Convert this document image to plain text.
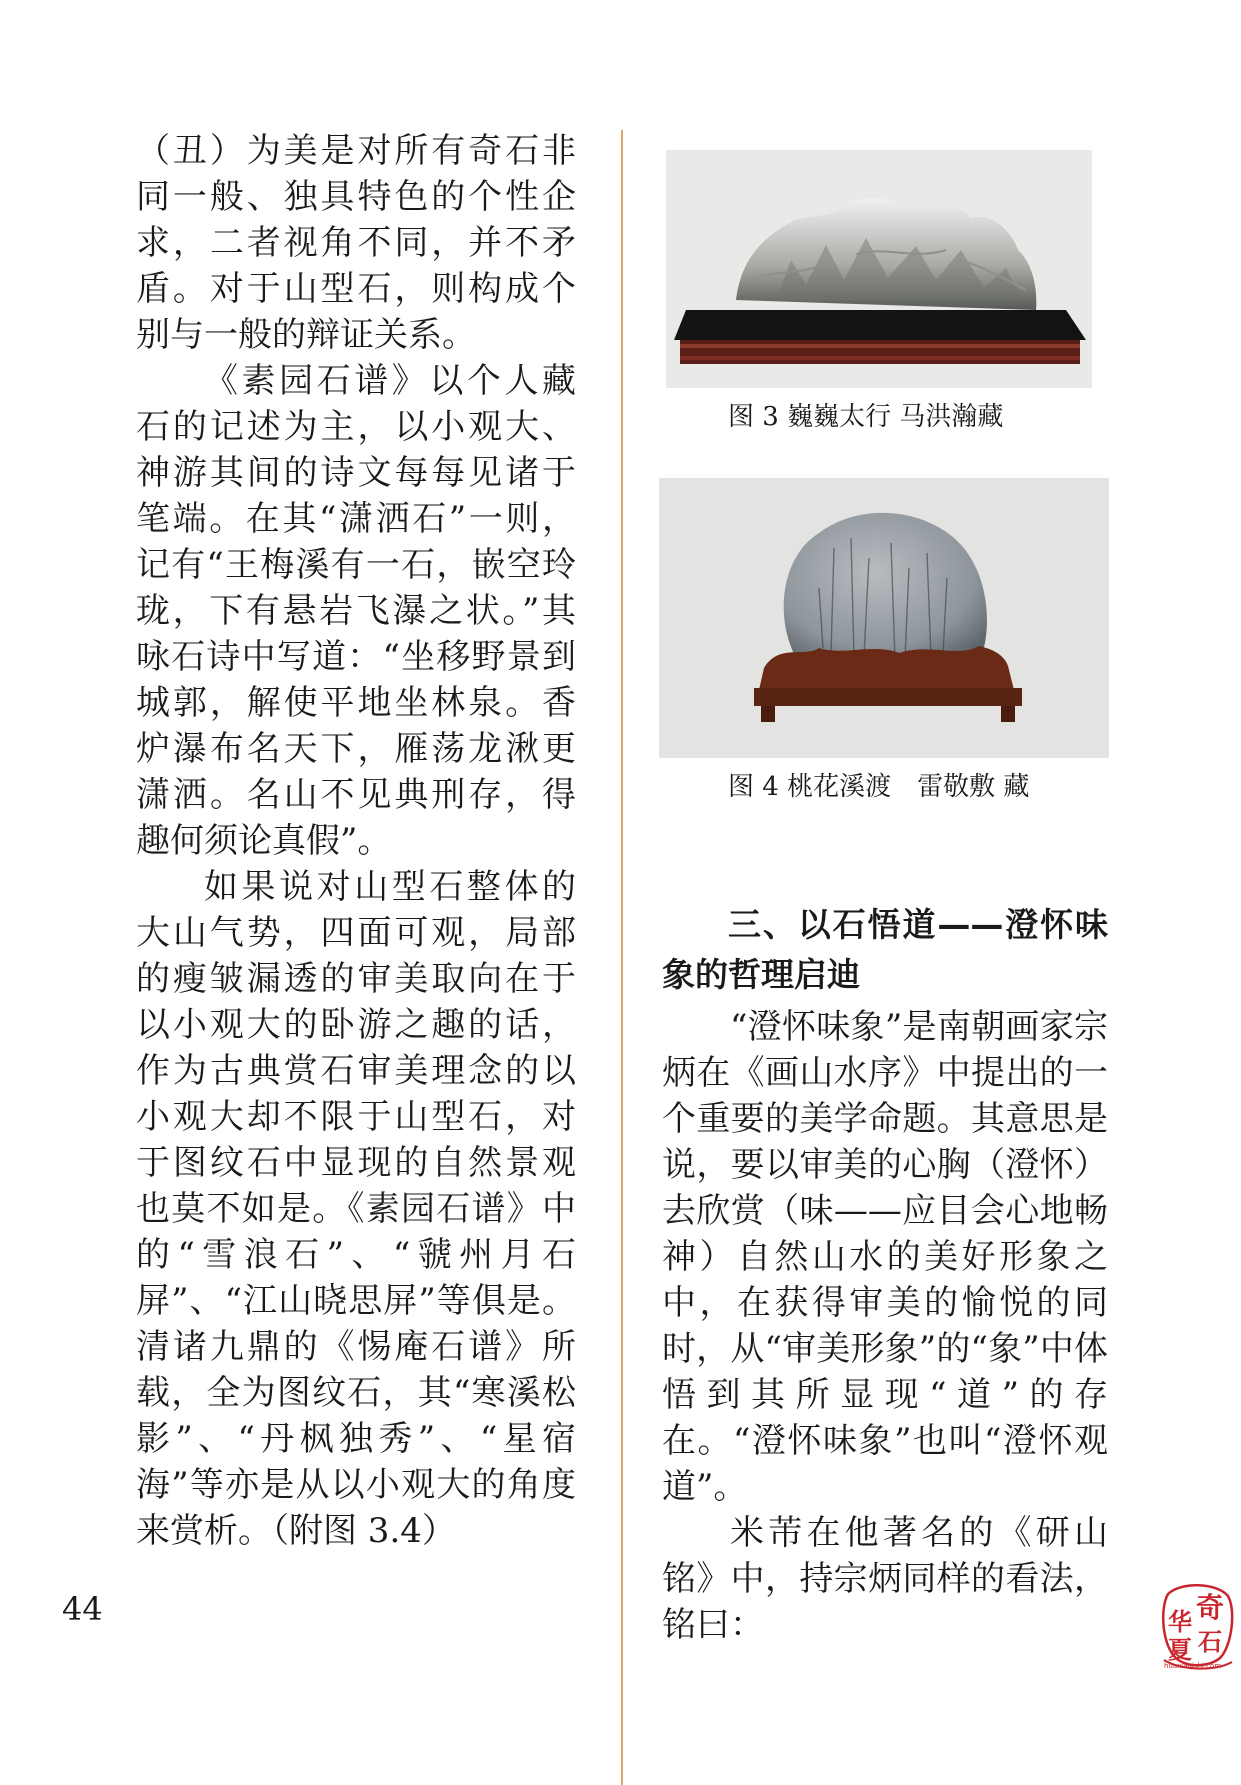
（丑）为美是对所有奇石非同一般、独具特色的个性企求，二者视角不同，并不矛盾。对于山型石，则构成个别与一般的辩证关系。

《素园石谱》以个人藏石的记述为主，以小观大、神游其间的诗文每每见诸于笔端。在其“潇洒石”一则，记有“王梅溪有一石，嵌空玲珑，下有悬岩飞瀑之状。”其咏石诗中写道：“坐移野景到城郭，解使平地坐林泉。香炉瀑布名天下，雁荡龙湫更潇洒。名山不见典刑存，得趣何须论真假”。

如果说对山型石整体的大山气势，四面可观，局部的瘦皱漏透的审美取向在于以小观大的卧游之趣的话，作为古典赏石审美理念的以小观大却不限于山型石，对于图纹石中显现的自然景观也莫不如是。《素园石谱》中的“雪浪石”、“虢州月石屏”、“江山晓思屏”等俱是。清诸九鼎的《惕庵石谱》所载，全为图纹石，其“寒溪松影”、“丹枫独秀”、“星宿海”等亦是从以小观大的角度来赏析。（附图 3.4）

图 3 巍巍太行 马洪瀚藏
图 4 桃花溪渡　雷敬敷 藏
三、以石悟道——澄怀味象的哲理启迪

“澄怀味象”是南朝画家宗炳在《画山水序》中提出的一个重要的美学命题。其意思是说，要以审美的心胸（澄怀）去欣赏（味——应目会心地畅神）自然山水的美好形象之中，在获得审美的愉悦的同时，从“审美形象”的“象”中体悟到其所显现“道”的存在。“澄怀味象”也叫“澄怀观道”。

米芾在他著名的《研山铭》中，持宗炳同样的看法，铭曰：

44	奇
华
夏 石
huaxiaqishi.com
